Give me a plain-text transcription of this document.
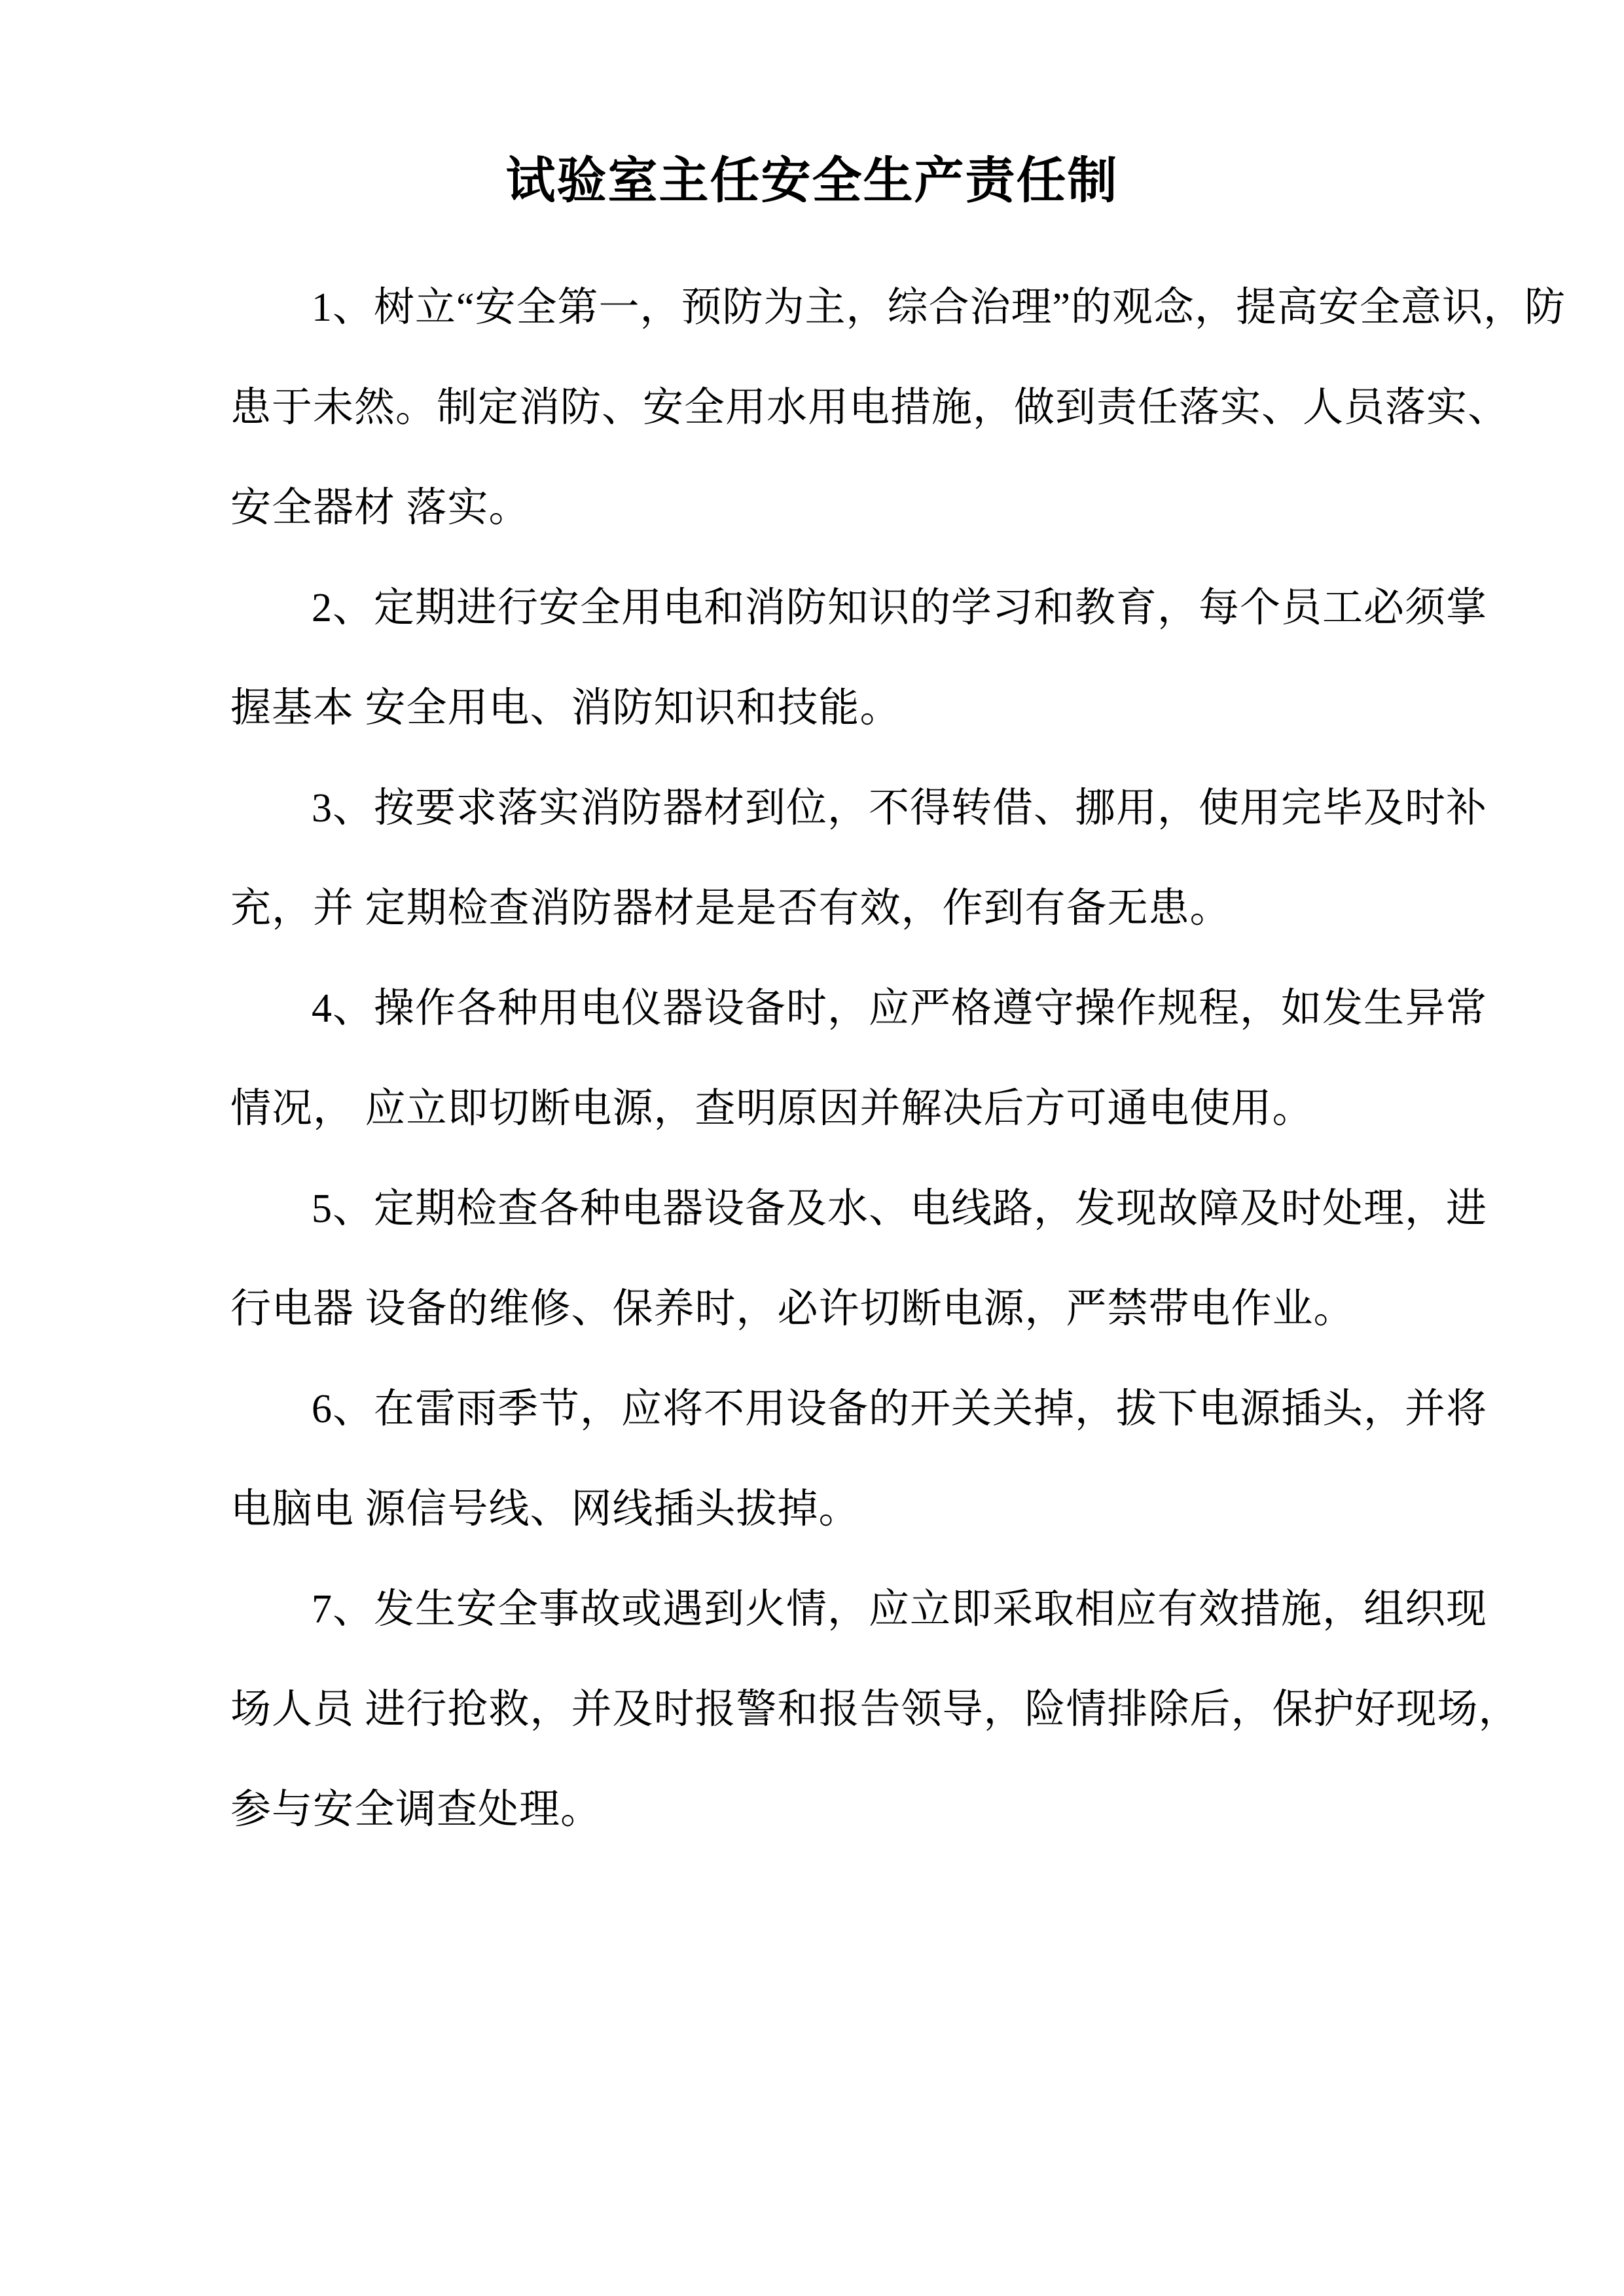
试验室主任安全生产责任制
1、树立“安全第一，预防为主，综合治理”的观念，提高安全意识，防
患于未然。制定消防、安全用水用电措施，做到责任落实、人员落实、
安全器材 落实。
2、定期进行安全用电和消防知识的学习和教育，每个员工必须掌
握基本 安全用电、消防知识和技能。
3、按要求落实消防器材到位，不得转借、挪用，使用完毕及时补
充，并 定期检查消防器材是是否有效，作到有备无患。
4、操作各种用电仪器设备时，应严格遵守操作规程，如发生异常
情况， 应立即切断电源，查明原因并解决后方可通电使用。
5、定期检查各种电器设备及水、电线路，发现故障及时处理，进
行电器 设备的维修、保养时，必许切断电源，严禁带电作业。
6、在雷雨季节，应将不用设备的开关关掉，拔下电源插头，并将
电脑电 源信号线、网线插头拔掉。
7、发生安全事故或遇到火情，应立即采取相应有效措施，组织现
场人员 进行抢救，并及时报警和报告领导，险情排除后，保护好现场，
参与安全调查处理。
